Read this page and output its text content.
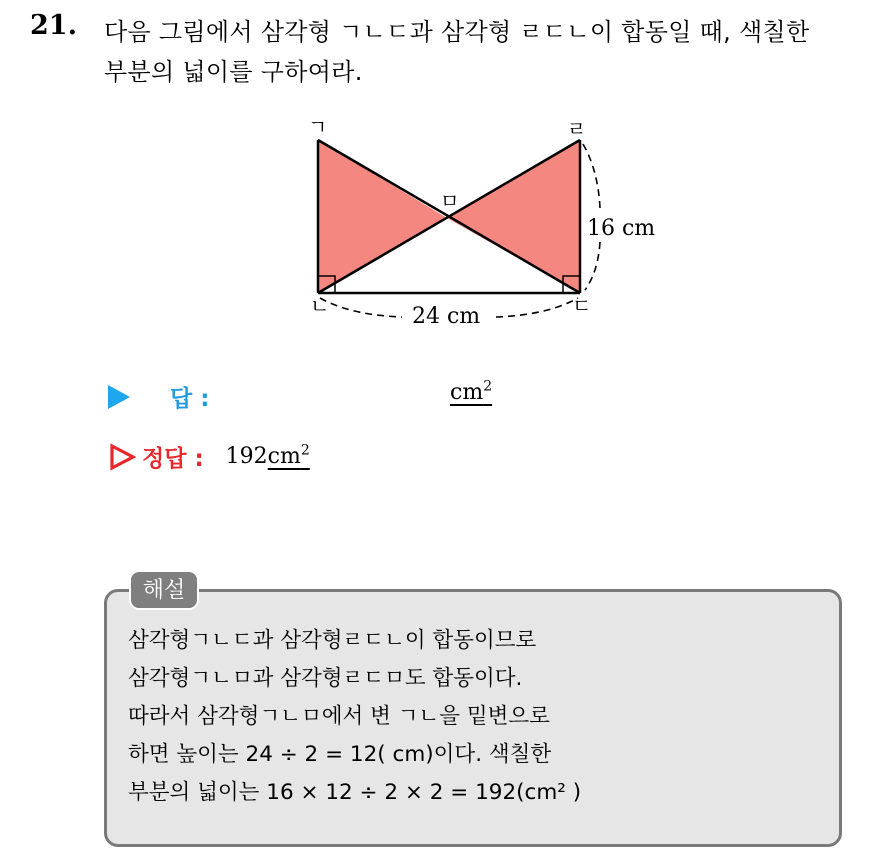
21. 다음 그림에서 삼각형 ㄱㄴㄷ과 삼각형 ㄹㄷㄴ이 합동일 때, 색칠한
부분의 넓이를 구하여라.
ㄱ
ㄴ	ㄷ
ㄹ
ㅁ
24 cm
16 cm
답 :	$cm^2$
정답 : $192cm^2$
해설
삼각형ㄱㄴㄷ과 삼각형ㄹㄷㄴ이 합동이므로
삼각형ㄱㄴㅁ과 삼각형ㄹㄷㅁ도 합동이다.
따라서 삼각형ㄱㄴㅁ에서 변 ㄱㄴ을 밑변으로
하면 높이는 24 ÷ 2 = 12( cm)이다. 색칠한
부분의 넓이는 16 × 12 ÷ 2 × 2 = 192(cm² )
